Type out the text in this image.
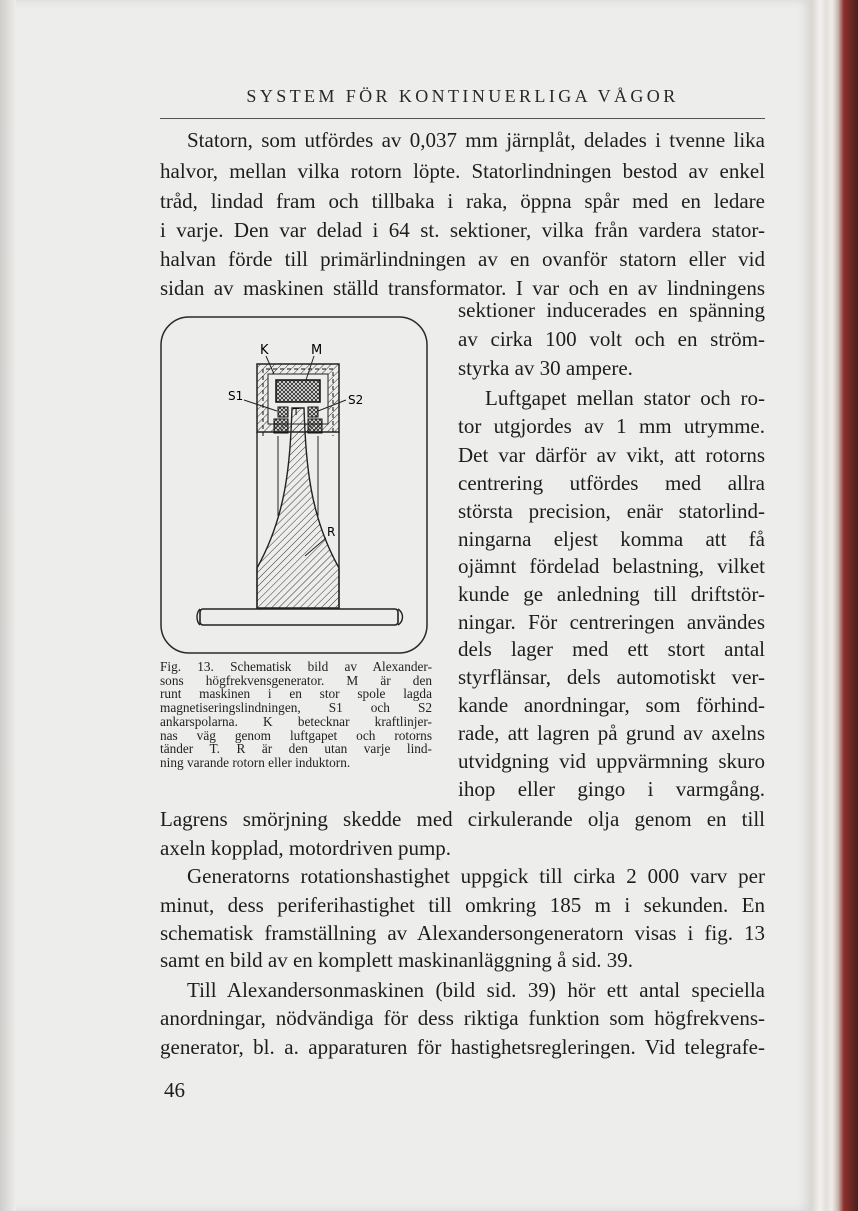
SYSTEM FÖR KONTINUERLIGA VÅGOR
Statorn, som utfördes av 0,037 mm järnplåt, delades i tvenne lika
halvor, mellan vilka rotorn löpte. Statorlindningen bestod av enkel
tråd, lindad fram och tillbaka i raka, öppna spår med en ledare
i varje. Den var delad i 64 st. sektioner, vilka från vardera stator-
halvan förde till primärlindningen av en ovanför statorn eller vid
sidan av maskinen ställd transformator. I var och en av lindningens
sektioner inducerades en spänning
av cirka 100 volt och en ström-
styrka av 30 ampere.
Luftgapet mellan stator och ro-
tor utgjordes av 1 mm utrymme.
Det var därför av vikt, att rotorns
centrering utfördes med allra
största precision, enär statorlind-
ningarna eljest komma att få
ojämnt fördelad belastning, vilket
kunde ge anledning till driftstör-
ningar. För centreringen användes
dels lager med ett stort antal
styrflänsar, dels automotiskt ver-
kande anordningar, som förhind-
rade, att lagren på grund av axelns
utvidgning vid uppvärmning skuro
ihop eller gingo i varmgång.
Lagrens smörjning skedde med cirkulerande olja genom en till
axeln kopplad, motordriven pump.
Generatorns rotationshastighet uppgick till cirka 2 000 varv per
minut, dess periferihastighet till omkring 185 m i sekunden. En
schematisk framställning av Alexandersongeneratorn visas i fig. 13
samt en bild av en komplett maskinanläggning å sid. 39.
Till Alexandersonmaskinen (bild sid. 39) hör ett antal speciella
anordningar, nödvändiga för dess riktiga funktion som högfrekvens-
generator, bl. a. apparaturen för hastighetsregleringen. Vid telegrafe-
K	M
S1	S2
T
R
Fig. 13. Schematisk bild av Alexander-
sons högfrekvensgenerator. M är den
runt maskinen i en stor spole lagda
magnetiseringslindningen, S1 och S2
ankarspolarna. K betecknar kraftlinjer-
nas väg genom luftgapet och rotorns
tänder T. R är den utan varje lind-
ning varande rotorn eller induktorn.
46
